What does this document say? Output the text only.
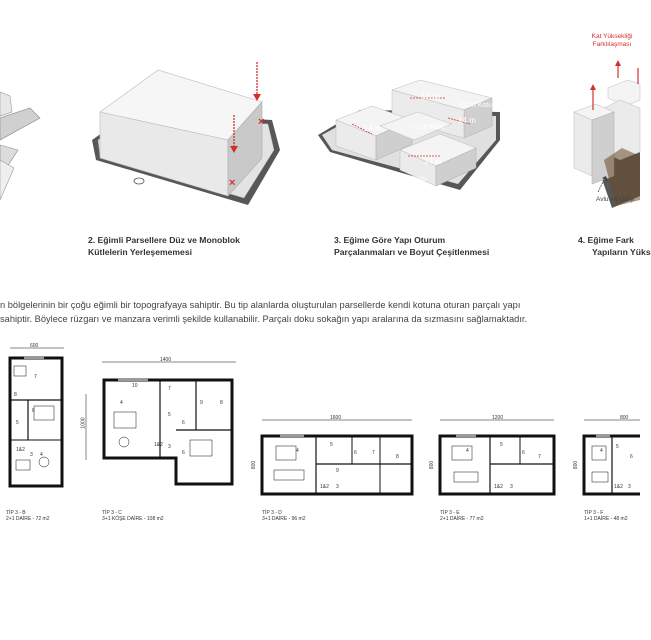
×
×
12 m
+6.00 Kotu
14 m
14 m
+3.00 Kotu
14 m
0.00 Kotu
Kat Yüksekliği
Farklılaşması
Avlu Alt Girişi
2. Eğimli Parsellere Düz ve Monoblok
Kütlelerin Yerleşememesi
3. Eğime Göre Yapı Oturum
Parçalanmaları ve Boyut Çeşitlenmesi
4. Eğime Fark
Yapıların Yüks
n bölgelerinin bir çoğu eğimli bir topografyaya sahiptir. Bu tip alanlarda oluşturulan parsellerde kendi kotuna oturan parçalı yapı
sahiptir. Böylece rüzgarı ve manzara verimli şekilde kullanabilir. Parçalı doku sokağın yapı aralarına da sızmasını sağlamaktadır.
600
1400
1000	1600
800
1200
800
800
800
7
8
6
5
1&2
3 4
10
4
7
5
6
9	8
1&2 3
6	4
5
6	7
8
9
1&2 3
4
5
6
7
1&2 3
4
5
6
1&2 3
TİP 3 - B
2+1 DAİRE - 72 m2
TİP 3 - C
3+1 KÖŞE DAİRE - 108 m2
TİP 3 - D
3+1 DAİRE - 96 m2
TİP 3 - E
2+1 DAİRE - 77 m2
TİP 3 - F
1+1 DAİRE - 48 m2
